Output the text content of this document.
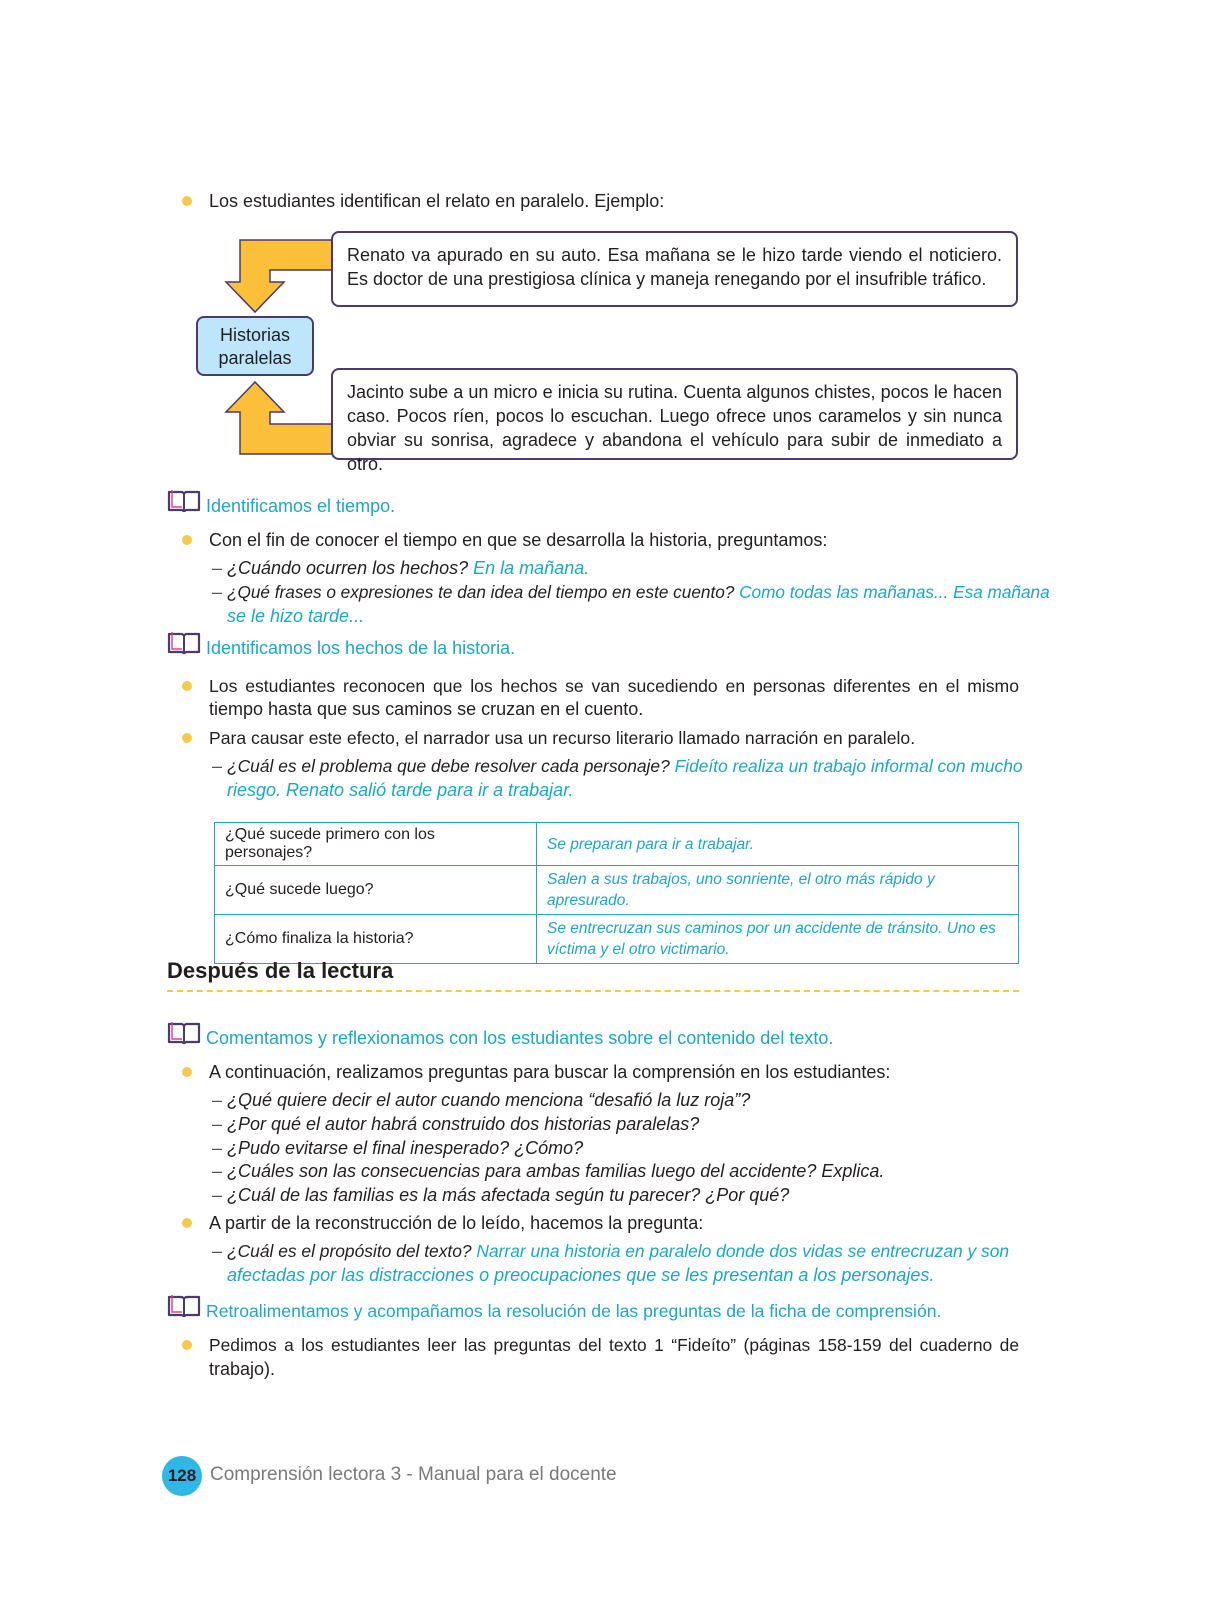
Los estudiantes identifican el relato en paralelo. Ejemplo:
Historias
paralelas
Renato va apurado en su auto. Esa mañana se le hizo tarde viendo el noticiero. Es doctor de una prestigiosa clínica y maneja renegando por el insufrible tráfico.
Jacinto sube a un micro e inicia su rutina. Cuenta algunos chistes, pocos le hacen caso. Pocos ríen, pocos lo escuchan. Luego ofrece unos caramelos y sin nunca obviar su sonrisa, agradece y abandona el vehículo para subir de inmediato a otro.
Identificamos el tiempo.
Con el fin de conocer el tiempo en que se desarrolla la historia, preguntamos:
– ¿Cuándo ocurren los hechos? En la mañana.
– ¿Qué frases o expresiones te dan idea del tiempo en este cuento? Como todas las mañanas... Esa mañana
se le hizo tarde...
Identificamos los hechos de la historia.
Los estudiantes reconocen que los hechos se van sucediendo en personas diferentes en el mismo
tiempo hasta que sus caminos se cruzan en el cuento.
Para causar este efecto, el narrador usa un recurso literario llamado narración en paralelo.
– ¿Cuál es el problema que debe resolver cada personaje? Fideíto realiza un trabajo informal con mucho
riesgo. Renato salió tarde para ir a trabajar.
¿Qué sucede primero con los personajes?	Se preparan para ir a trabajar.
¿Qué sucede luego?	Salen a sus trabajos, uno sonriente, el otro más rápido y apresurado.
¿Cómo finaliza la historia?	Se entrecruzan sus caminos por un accidente de tránsito. Uno es víctima y el otro victimario.
Después de la lectura
Comentamos y reflexionamos con los estudiantes sobre el contenido del texto.
A continuación, realizamos preguntas para buscar la comprensión en los estudiantes:
– ¿Qué quiere decir el autor cuando menciona “desafió la luz roja”?
– ¿Por qué el autor habrá construido dos historias paralelas?
– ¿Pudo evitarse el final inesperado? ¿Cómo?
– ¿Cuáles son las consecuencias para ambas familias luego del accidente? Explica.
– ¿Cuál de las familias es la más afectada según tu parecer? ¿Por qué?
A partir de la reconstrucción de lo leído, hacemos la pregunta:
– ¿Cuál es el propósito del texto? Narrar una historia en paralelo donde dos vidas se entrecruzan y son
afectadas por las distracciones o preocupaciones que se les presentan a los personajes.
Retroalimentamos y acompañamos la resolución de las preguntas de la ficha de comprensión.
Pedimos a los estudiantes leer las preguntas del texto 1 “Fideíto” (páginas 158-159 del cuaderno de
trabajo).
128 Comprensión lectora 3 - Manual para el docente
